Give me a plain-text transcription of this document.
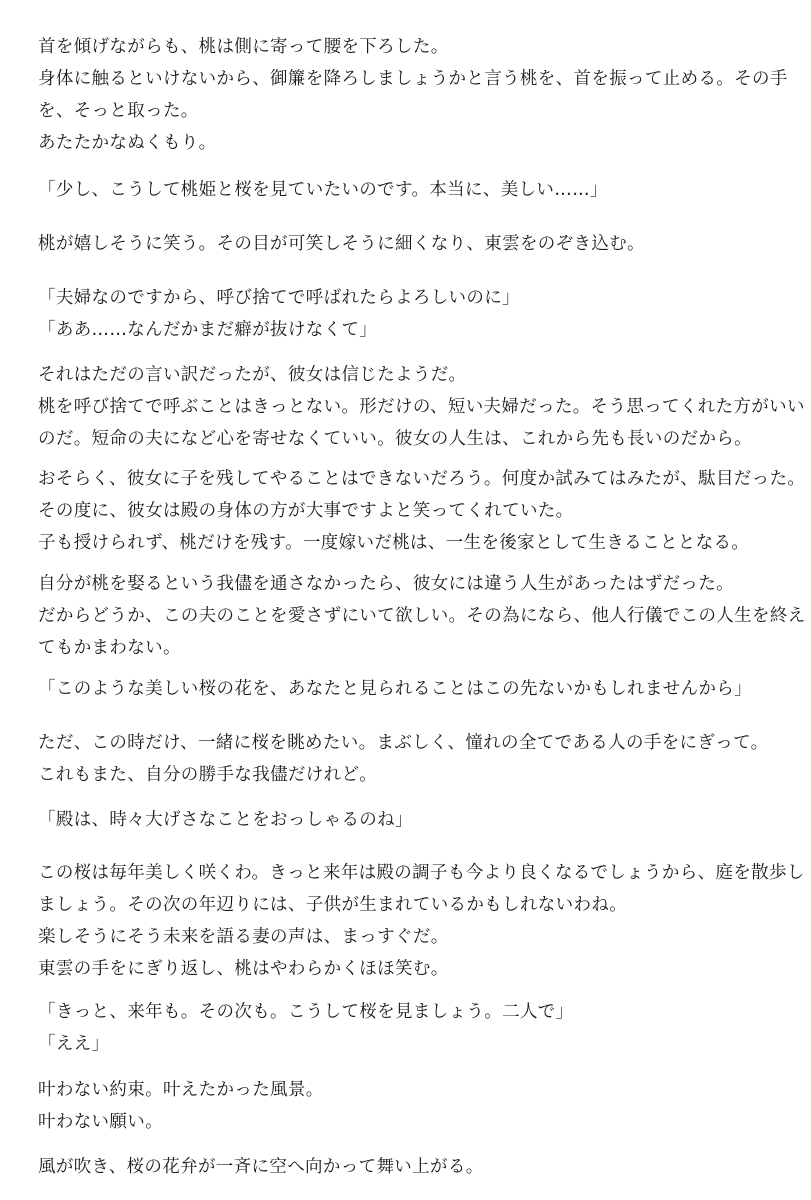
首を傾げながらも、桃は側に寄って腰を下ろした。
身体に触るといけないから、御簾を降ろしましょうかと言う桃を、首を振って止める。その手
を、そっと取った。
あたたかなぬくもり。

「少し、こうして桃姫と桜を見ていたいのです。本当に、美しい……」

桃が嬉しそうに笑う。その目が可笑しそうに細くなり、東雲をのぞき込む。

「夫婦なのですから、呼び捨てで呼ばれたらよろしいのに」
「ああ……なんだかまだ癖が抜けなくて」

それはただの言い訳だったが、彼女は信じたようだ。
桃を呼び捨てで呼ぶことはきっとない。形だけの、短い夫婦だった。そう思ってくれた方がいい
のだ。短命の夫になど心を寄せなくていい。彼女の人生は、これから先も長いのだから。

おそらく、彼女に子を残してやることはできないだろう。何度か試みてはみたが、駄目だった。
その度に、彼女は殿の身体の方が大事ですよと笑ってくれていた。
子も授けられず、桃だけを残す。一度嫁いだ桃は、一生を後家として生きることとなる。

自分が桃を娶るという我儘を通さなかったら、彼女には違う人生があったはずだった。
だからどうか、この夫のことを愛さずにいて欲しい。その為になら、他人行儀でこの人生を終え
てもかまわない。

「このような美しい桜の花を、あなたと見られることはこの先ないかもしれませんから」

ただ、この時だけ、一緒に桜を眺めたい。まぶしく、憧れの全てである人の手をにぎって。
これもまた、自分の勝手な我儘だけれど。

「殿は、時々大げさなことをおっしゃるのね」

この桜は毎年美しく咲くわ。きっと来年は殿の調子も今より良くなるでしょうから、庭を散歩し
ましょう。その次の年辺りには、子供が生まれているかもしれないわね。
楽しそうにそう未来を語る妻の声は、まっすぐだ。
東雲の手をにぎり返し、桃はやわらかくほほ笑む。

「きっと、来年も。その次も。こうして桜を見ましょう。二人で」
「ええ」

叶わない約束。叶えたかった風景。
叶わない願い。

風が吹き、桜の花弁が一斉に空へ向かって舞い上がる。
